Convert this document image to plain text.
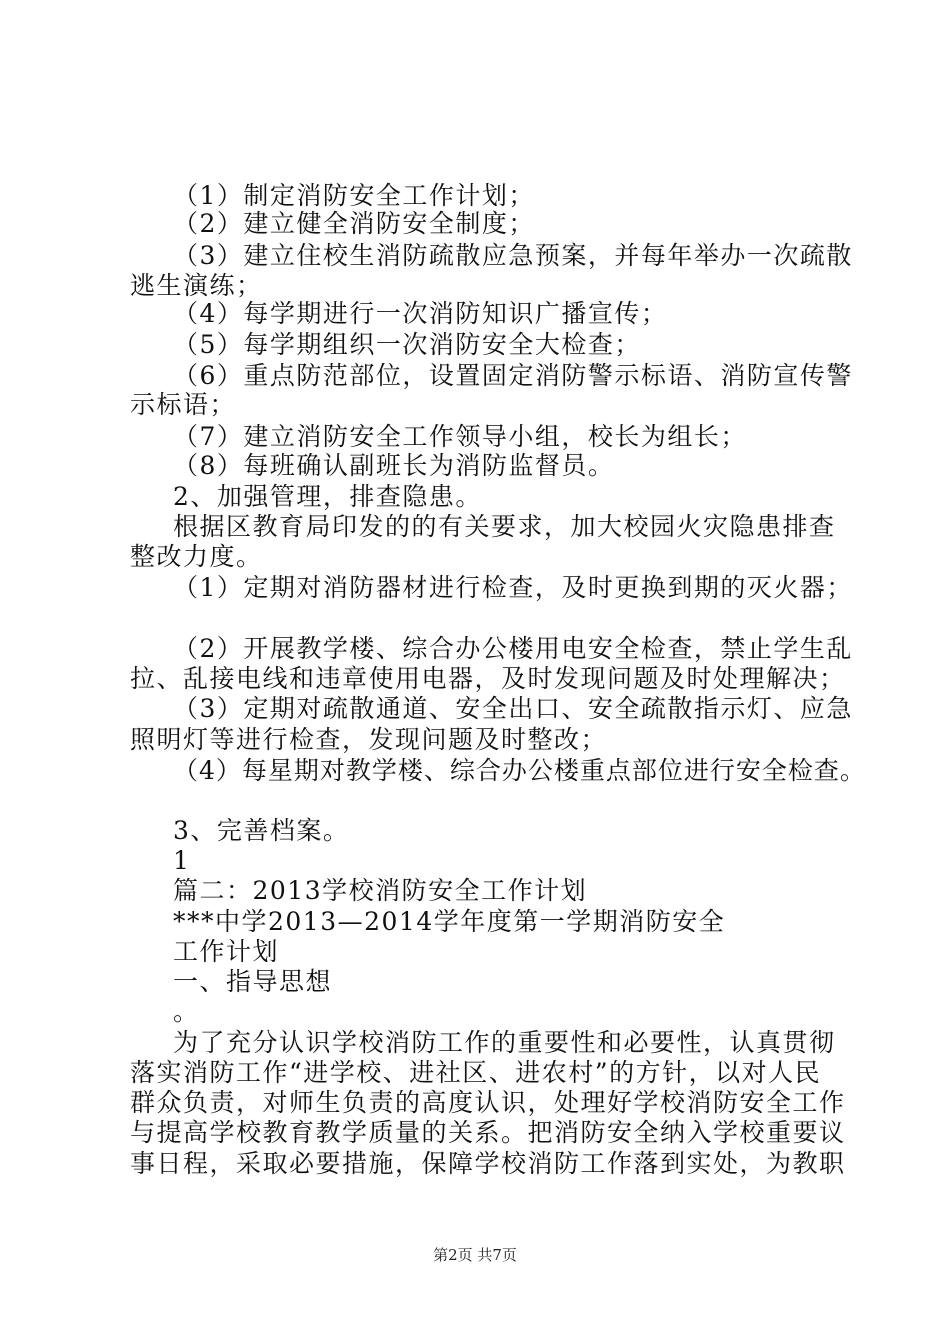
（1）制定消防安全工作计划；
（2）建立健全消防安全制度；
（3）建立住校生消防疏散应急预案，并每年举办一次疏散
逃生演练；
（4）每学期进行一次消防知识广播宣传；
（5）每学期组织一次消防安全大检查；
（6）重点防范部位，设置固定消防警示标语、消防宣传警
示标语；
（7）建立消防安全工作领导小组，校长为组长；
（8）每班确认副班长为消防监督员。
2、加强管理，排查隐患。
根据区教育局印发的的有关要求，加大校园火灾隐患排查
整改力度。
（1）定期对消防器材进行检查，及时更换到期的灭火器；
（2）开展教学楼、综合办公楼用电安全检查，禁止学生乱
拉、乱接电线和违章使用电器，及时发现问题及时处理解决；
（3）定期对疏散通道、安全出口、安全疏散指示灯、应急
照明灯等进行检查，发现问题及时整改；
（4）每星期对教学楼、综合办公楼重点部位进行安全检查。
3、完善档案。
1
篇二：2013学校消防安全工作计划
***中学2013—2014学年度第一学期消防安全
工作计划
一、指导思想
。
为了充分认识学校消防工作的重要性和必要性，认真贯彻
落实消防工作“进学校、进社区、进农村”的方针，以对人民
群众负责，对师生负责的高度认识，处理好学校消防安全工作
与提高学校教育教学质量的关系。把消防安全纳入学校重要议
事日程，采取必要措施，保障学校消防工作落到实处，为教职
第2页 共7页
